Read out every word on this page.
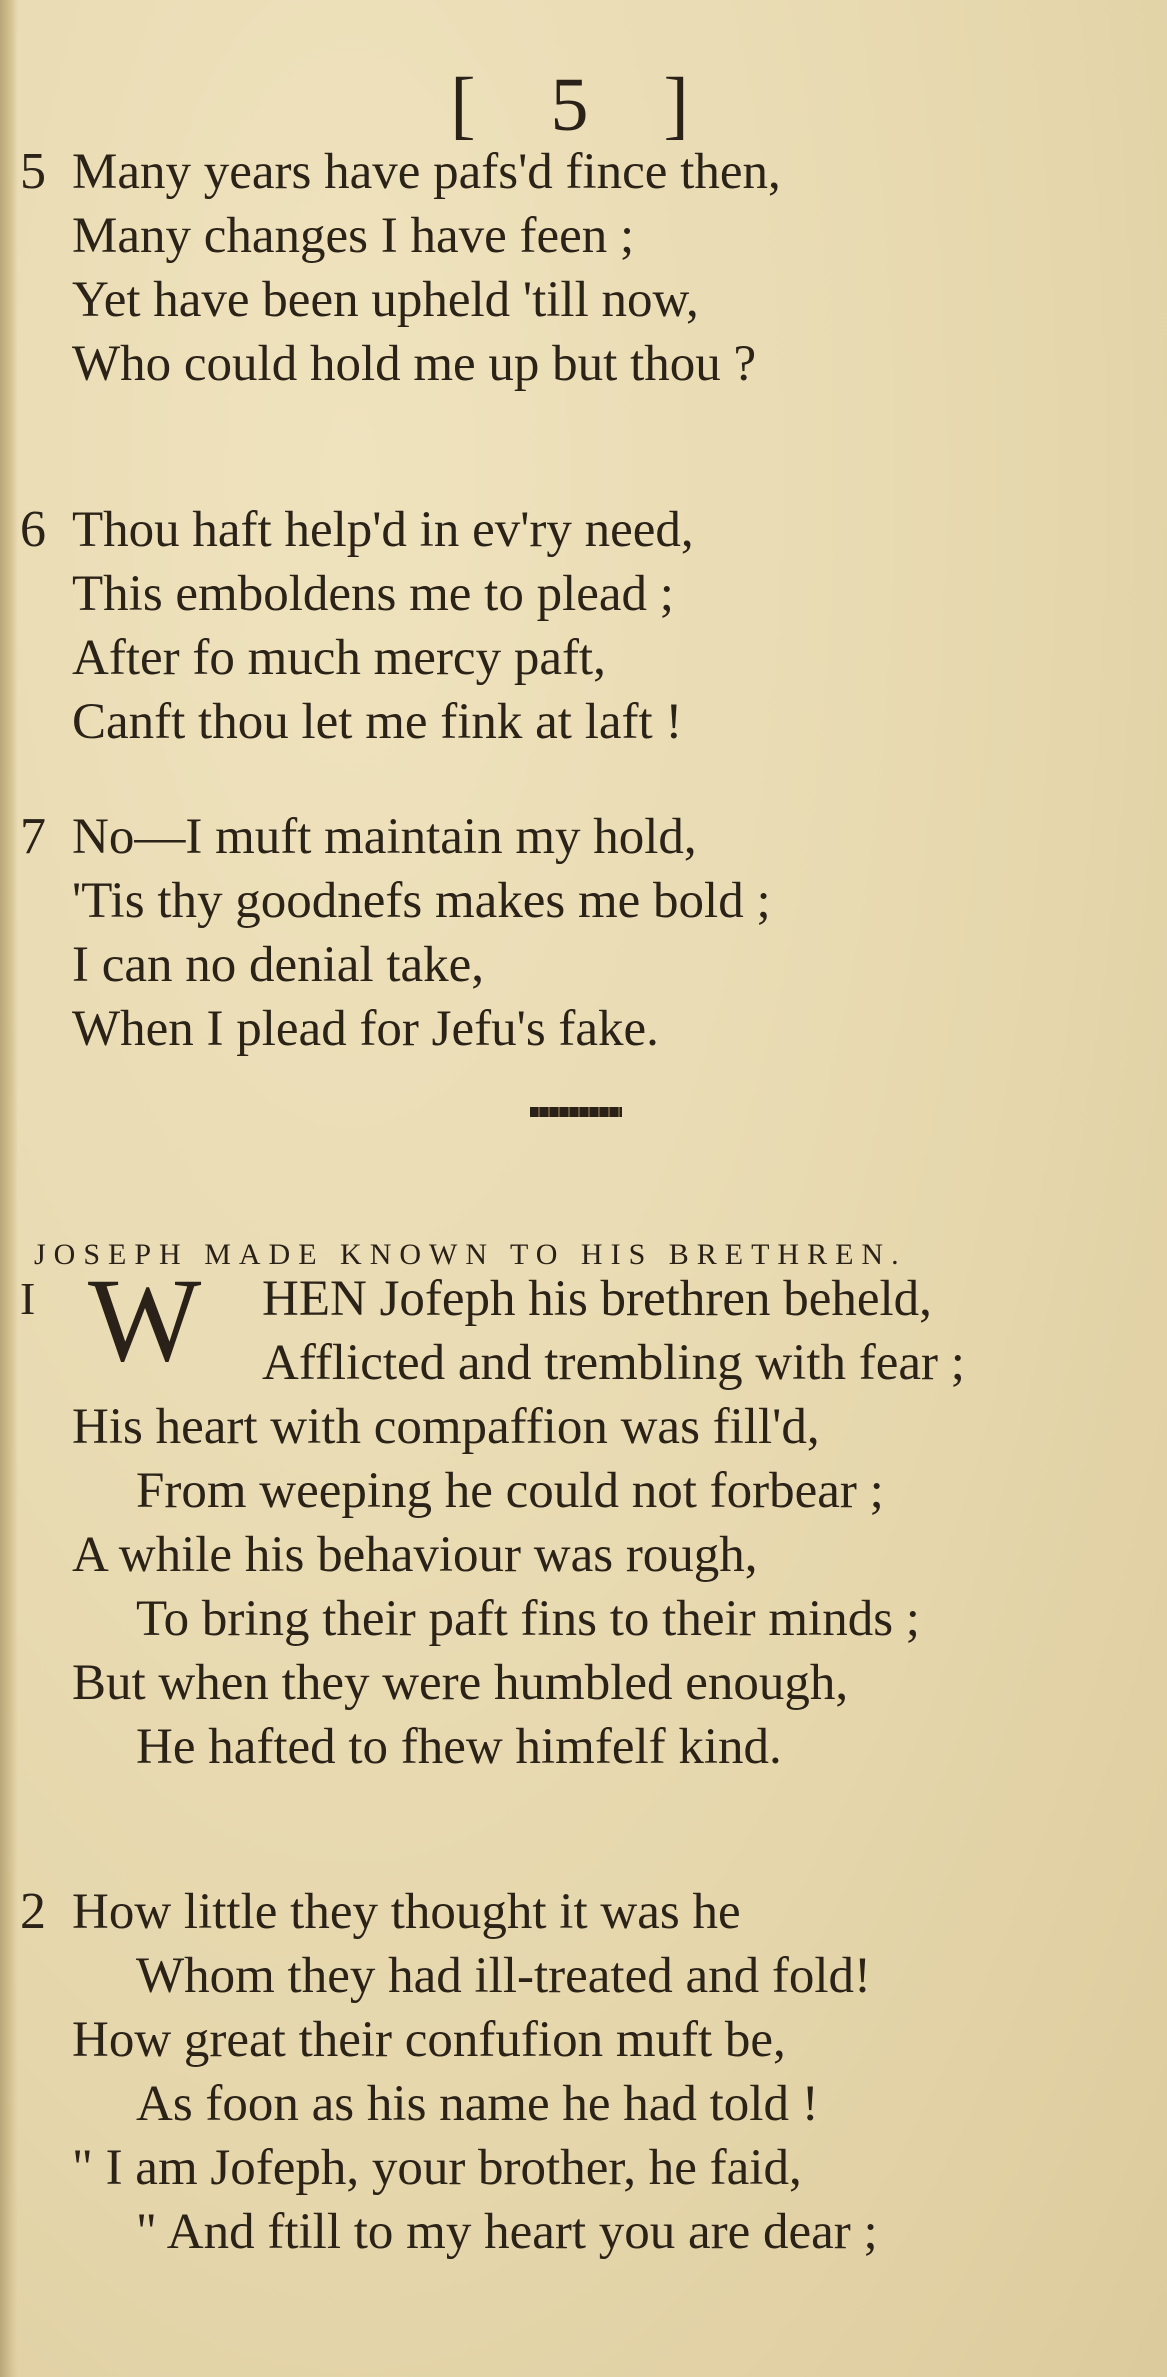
[ 5 ]
5 Many years have pafs'd fince then,
Many changes I have feen ;
Yet have been upheld 'till now,
Who could hold me up but thou ?
6 Thou haft help'd in ev'ry need,
This emboldens me to plead ;
After fo much mercy paft,
Canft thou let me fink at laft !
7 No—I muft maintain my hold,
'Tis thy goodnefs makes me bold ;
I can no denial take,
When I plead for Jefu's fake.
JOSEPH MADE KNOWN TO HIS BRETHREN.
I W HEN Jofeph his brethren beheld,
Afflicted and trembling with fear ;
His heart with compaffion was fill'd,
From weeping he could not forbear ;
A while his behaviour was rough,
To bring their paft fins to their minds ;
But when they were humbled enough,
He hafted to fhew himfelf kind.
2 How little they thought it was he
Whom they had ill-treated and fold!
How great their confufion muft be,
As foon as his name he had told !
" I am Jofeph, your brother, he faid,
" And ftill to my heart you are dear ;
